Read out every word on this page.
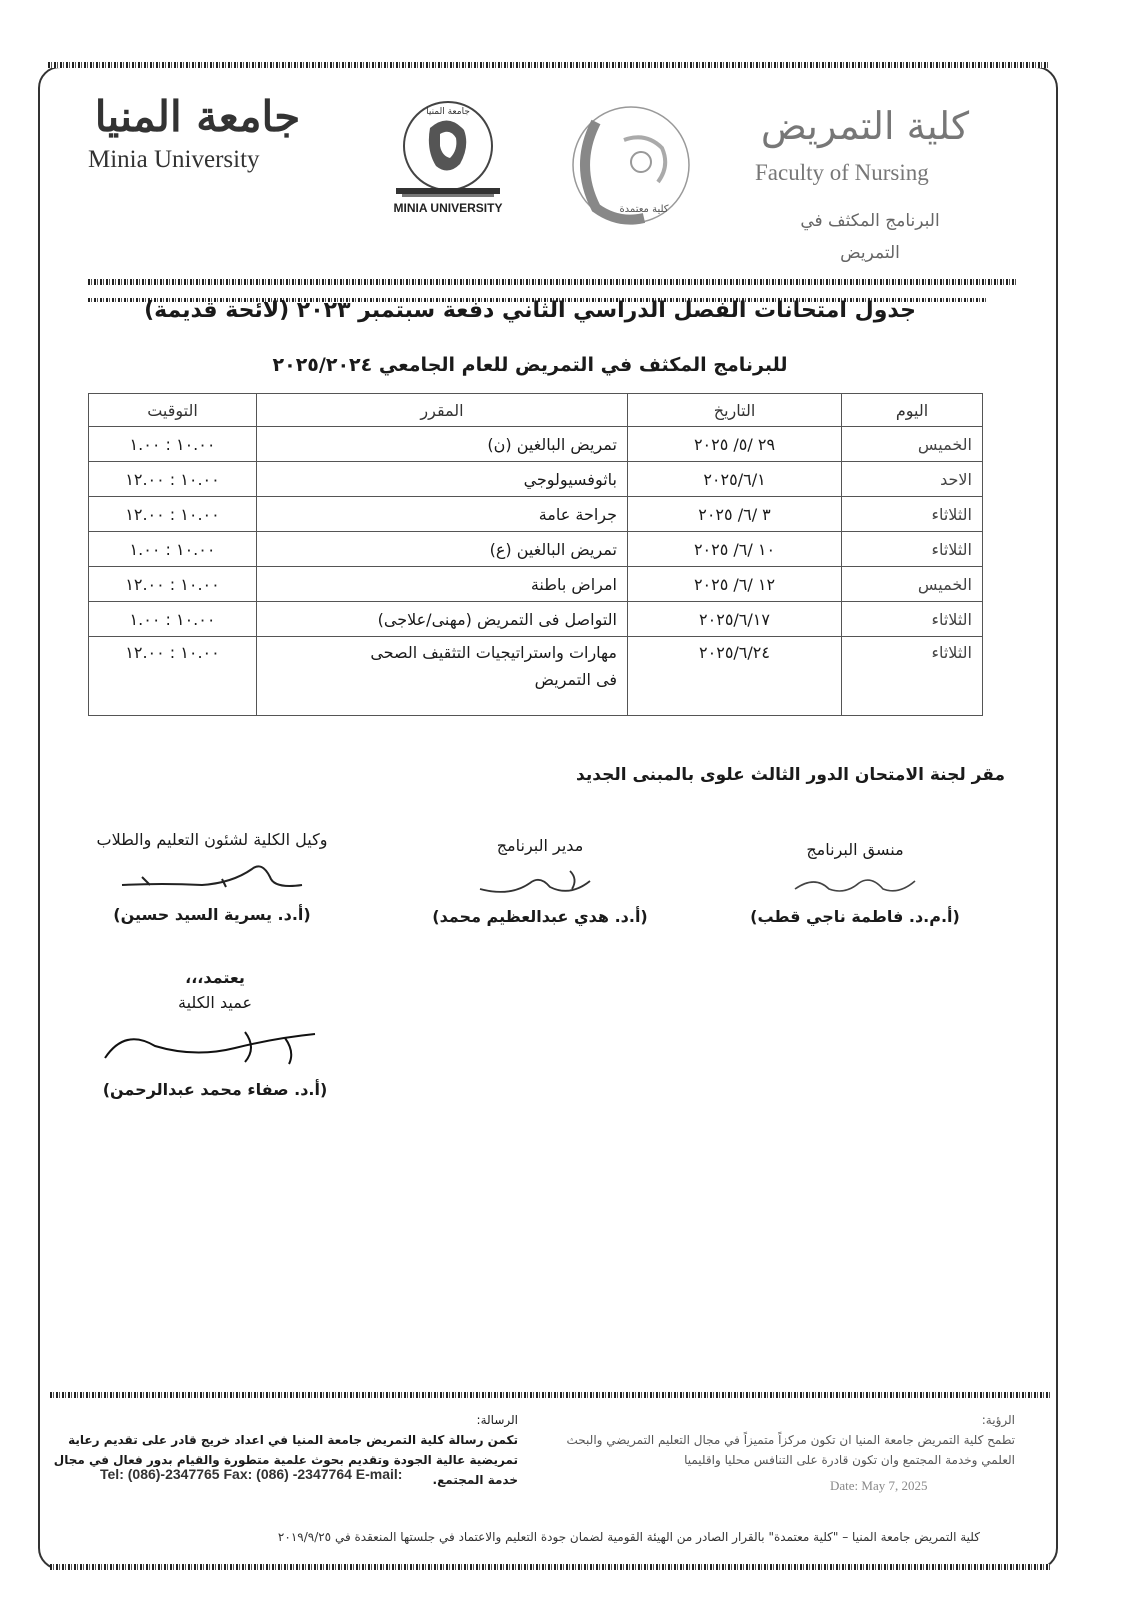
جامعة المنيا
Minia University
جامعة المنيا
MINIA UNIVERSITY	كلية معتمدة
كلية التمريض
Faculty of Nursing
البرنامج المكثف في
التمريض
جدول امتحانات الفصل الدراسي الثاني دفعة سبتمبر ٢٠٢٣ (لائحة قديمة)
للبرنامج المكثف في التمريض للعام الجامعي ٢٠٢٥/٢٠٢٤
اليوم	التاريخ	المقرر	التوقيت
الخميس	٢٩ /٥/ ٢٠٢٥	تمريض البالغين (ن)	١٠.٠٠ : ١.٠٠
الاحد	٢٠٢٥/٦/١	باثوفسيولوجي	١٠.٠٠ : ١٢.٠٠
الثلاثاء	٣ /٦/ ٢٠٢٥	جراحة عامة	١٠.٠٠ : ١٢.٠٠
الثلاثاء	١٠ /٦/ ٢٠٢٥	تمريض البالغين (ع)	١٠.٠٠ : ١.٠٠
الخميس	١٢ /٦/ ٢٠٢٥	امراض باطنة	١٠.٠٠ : ١٢.٠٠
الثلاثاء	٢٠٢٥/٦/١٧	التواصل فى التمريض (مهنى/علاجى)	١٠.٠٠ : ١.٠٠
الثلاثاء	٢٠٢٥/٦/٢٤	مهارات واستراتيجيات التثقيف الصحى
فى التمريض	١٠.٠٠ : ١٢.٠٠
مقر لجنة الامتحان الدور الثالث علوى بالمبنى الجديد
وكيل الكلية لشئون التعليم والطلاب
(أ.د. يسرية السيد حسين)
مدير البرنامج
(أ.د. هدي عبدالعظيم محمد)
منسق البرنامج
(أ.م.د. فاطمة ناجي قطب)
يعتمد،،،
عميد الكلية
(أ.د. صفاء محمد عبدالرحمن)
الرسالة:
تكمن رسالة كلية التمريض جامعة المنيا في اعداد خريج قادر على تقديم رعاية تمريضية عالية الجودة وتقديم بحوث علمية متطورة والقيام بدور فعال في مجال خدمة المجتمع.
الرؤية:
تطمح كلية التمريض جامعة المنيا ان تكون مركزاً متميزاً في مجال التعليم التمريضي والبحث العلمي وخدمة المجتمع وان تكون قادرة على التنافس محليا واقليميا
Tel: (086)-2347765 Fax: (086) -2347764 E-mail:
Date: May 7, 2025
كلية التمريض جامعة المنيا – "كلية معتمدة" بالقرار الصادر من الهيئة القومية لضمان جودة التعليم والاعتماد في جلستها المنعقدة في ٢٠١٩/٩/٢٥
